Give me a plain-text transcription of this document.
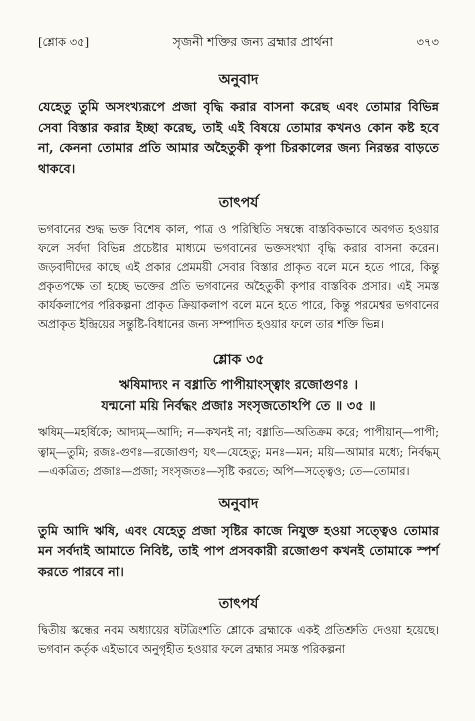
[শ্লোক ৩৫]	সৃজনী শক্তির জন্য ব্রহ্মার প্রার্থনা	৩৭৩
অনুবাদ

যেহেতু তুমি অসংখ্যরূপে প্রজা বৃদ্ধি করার বাসনা করেছ এবং তোমার বিভিন্ন সেবা বিস্তার করার ইচ্ছা করেছ, তাই এই বিষয়ে তোমার কখনও কোন কষ্ট হবে না, কেননা তোমার প্রতি আমার অহৈতুকী কৃপা চিরকালের জন্য নিরন্তর বাড়তে থাকবে।

তাৎপর্য

ভগবানের শুদ্ধ ভক্ত বিশেষ কাল, পাত্র ও পরিস্থিতি সম্বন্ধে বাস্তবিকভাবে অবগত হওয়ার ফলে সর্বদা বিভিন্ন প্রচেষ্টার মাধ্যমে ভগবানের ভক্তসংখ্যা বৃদ্ধি করার বাসনা করেন। জড়বাদীদের কাছে এই প্রকার প্রেমময়ী সেবার বিস্তার প্রাকৃত বলে মনে হতে পারে, কিন্তু প্রকৃতপক্ষে তা হচ্ছে ভক্তের প্রতি ভগবানের অহৈতুকী কৃপার বাস্তবিক প্রসার। এই সমস্ত কার্যকলাপের পরিকল্পনা প্রাকৃত ক্রিয়াকলাপ বলে মনে হতে পারে, কিন্তু পরমেশ্বর ভগবানের অপ্রাকৃত ইন্দ্রিয়ের সন্তুষ্টি-বিধানের জন্য সম্পাদিত হওয়ার ফলে তার শক্তি ভিন্ন।

শ্লোক ৩৫

ঋষিমাদ্যং ন বধ্নাতি পাপীয়াংস্ত্বাং রজোগুণঃ ।

যন্মনো ময়ি নির্বদ্ধং প্রজাঃ সংসৃজতোঽপি তে ॥ ৩৫ ॥

ঋষিম্—মহর্ষিকে; আদ্যম্—আদি; ন—কখনই না; বধ্নাতি—অতিক্রম করে; পাপীয়ান্—পাপী; ত্বাম্—তুমি; রজঃ-গুণঃ—রজোগুণ; যৎ—যেহেতু; মনঃ—মন; ময়ি—আমার মধ্যে; নির্বদ্ধম্—একত্রিত; প্রজাঃ—প্রজা; সংসৃজতঃ—সৃষ্টি করতে; অপি—সত্ত্বেও; তে—তোমার।

অনুবাদ

তুমি আদি ঋষি, এবং যেহেতু প্রজা সৃষ্টির কাজে নিযুক্ত হওয়া সত্ত্বেও তোমার মন সর্বদাই আমাতে নিবিষ্ট, তাই পাপ প্রসবকারী রজোগুণ কখনই তোমাকে স্পর্শ করতে পারবে না।

তাৎপর্য

দ্বিতীয় স্কন্ধের নবম অধ্যায়ের ষটত্রিংশতি শ্লোকে ব্রহ্মাকে একই প্রতিশ্রুতি দেওয়া হয়েছে। ভগবান কর্তৃক এইভাবে অনুগৃহীত হওয়ার ফলে ব্রহ্মার সমস্ত পরিকল্পনা
